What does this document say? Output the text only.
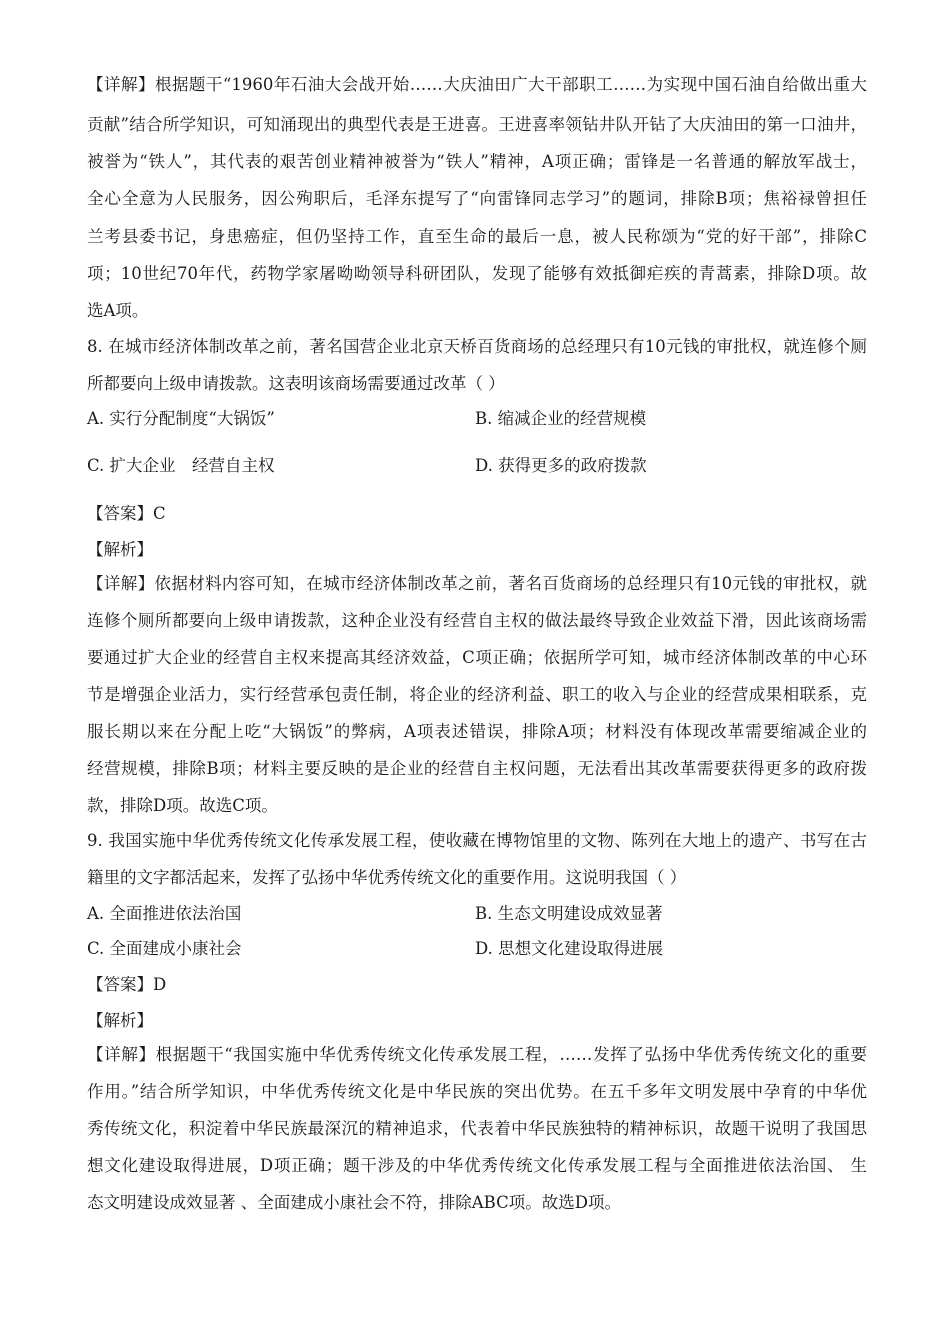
【详解】根据题干“1960年石油大会战开始……大庆油田广大干部职工……为实现中国石油自给做出重大
贡献”结合所学知识，可知涌现出的典型代表是王进喜。王进喜率领钻井队开钻了大庆油田的第一口油井，
被誉为“铁人”，其代表的艰苦创业精神被誉为“铁人”精神，A项正确；雷锋是一名普通的解放军战士，
全心全意为人民服务，因公殉职后，毛泽东提写了“向雷锋同志学习”的题词，排除B项；焦裕禄曾担任
兰考县委书记，身患癌症，但仍坚持工作，直至生命的最后一息，被人民称颂为“党的好干部”，排除C
项；10世纪70年代，药物学家屠呦呦领导科研团队，发现了能够有效抵御疟疾的青蒿素，排除D项。故
选A项。
8. 在城市经济体制改革之前，著名国营企业北京天桥百货商场的总经理只有10元钱的审批权，就连修个厕
所都要向上级申请拨款。这表明该商场需要通过改革（ ）
A. 实行分配制度“大锅饭”	B. 缩减企业的经营规模
C. 扩大企业　经营自主权	D. 获得更多的政府拨款
【答案】C
【解析】
【详解】依据材料内容可知，在城市经济体制改革之前，著名百货商场的总经理只有10元钱的审批权，就
连修个厕所都要向上级申请拨款，这种企业没有经营自主权的做法最终导致企业效益下滑，因此该商场需
要通过扩大企业的经营自主权来提高其经济效益，C项正确；依据所学可知，城市经济体制改革的中心环
节是增强企业活力，实行经营承包责任制，将企业的经济利益、职工的收入与企业的经营成果相联系，克
服长期以来在分配上吃“大锅饭”的弊病，A项表述错误，排除A项；材料没有体现改革需要缩减企业的
经营规模，排除B项；材料主要反映的是企业的经营自主权问题，无法看出其改革需要获得更多的政府拨
款，排除D项。故选C项。
9. 我国实施中华优秀传统文化传承发展工程，使收藏在博物馆里的文物、陈列在大地上的遗产、书写在古
籍里的文字都活起来，发挥了弘扬中华优秀传统文化的重要作用。这说明我国（ ）
A. 全面推进依法治国	B. 生态文明建设成效显著
C. 全面建成小康社会	D. 思想文化建设取得进展
【答案】D
【解析】
【详解】根据题干“我国实施中华优秀传统文化传承发展工程，……发挥了弘扬中华优秀传统文化的重要
作用。”结合所学知识，中华优秀传统文化是中华民族的突出优势。在五千多年文明发展中孕育的中华优
秀传统文化，积淀着中华民族最深沉的精神追求，代表着中华民族独特的精神标识，故题干说明了我国思
想文化建设取得进展，D项正确；题干涉及的中华优秀传统文化传承发展工程与全面推进依法治国、 生
态文明建设成效显著 、全面建成小康社会不符，排除ABC项。故选D项。
